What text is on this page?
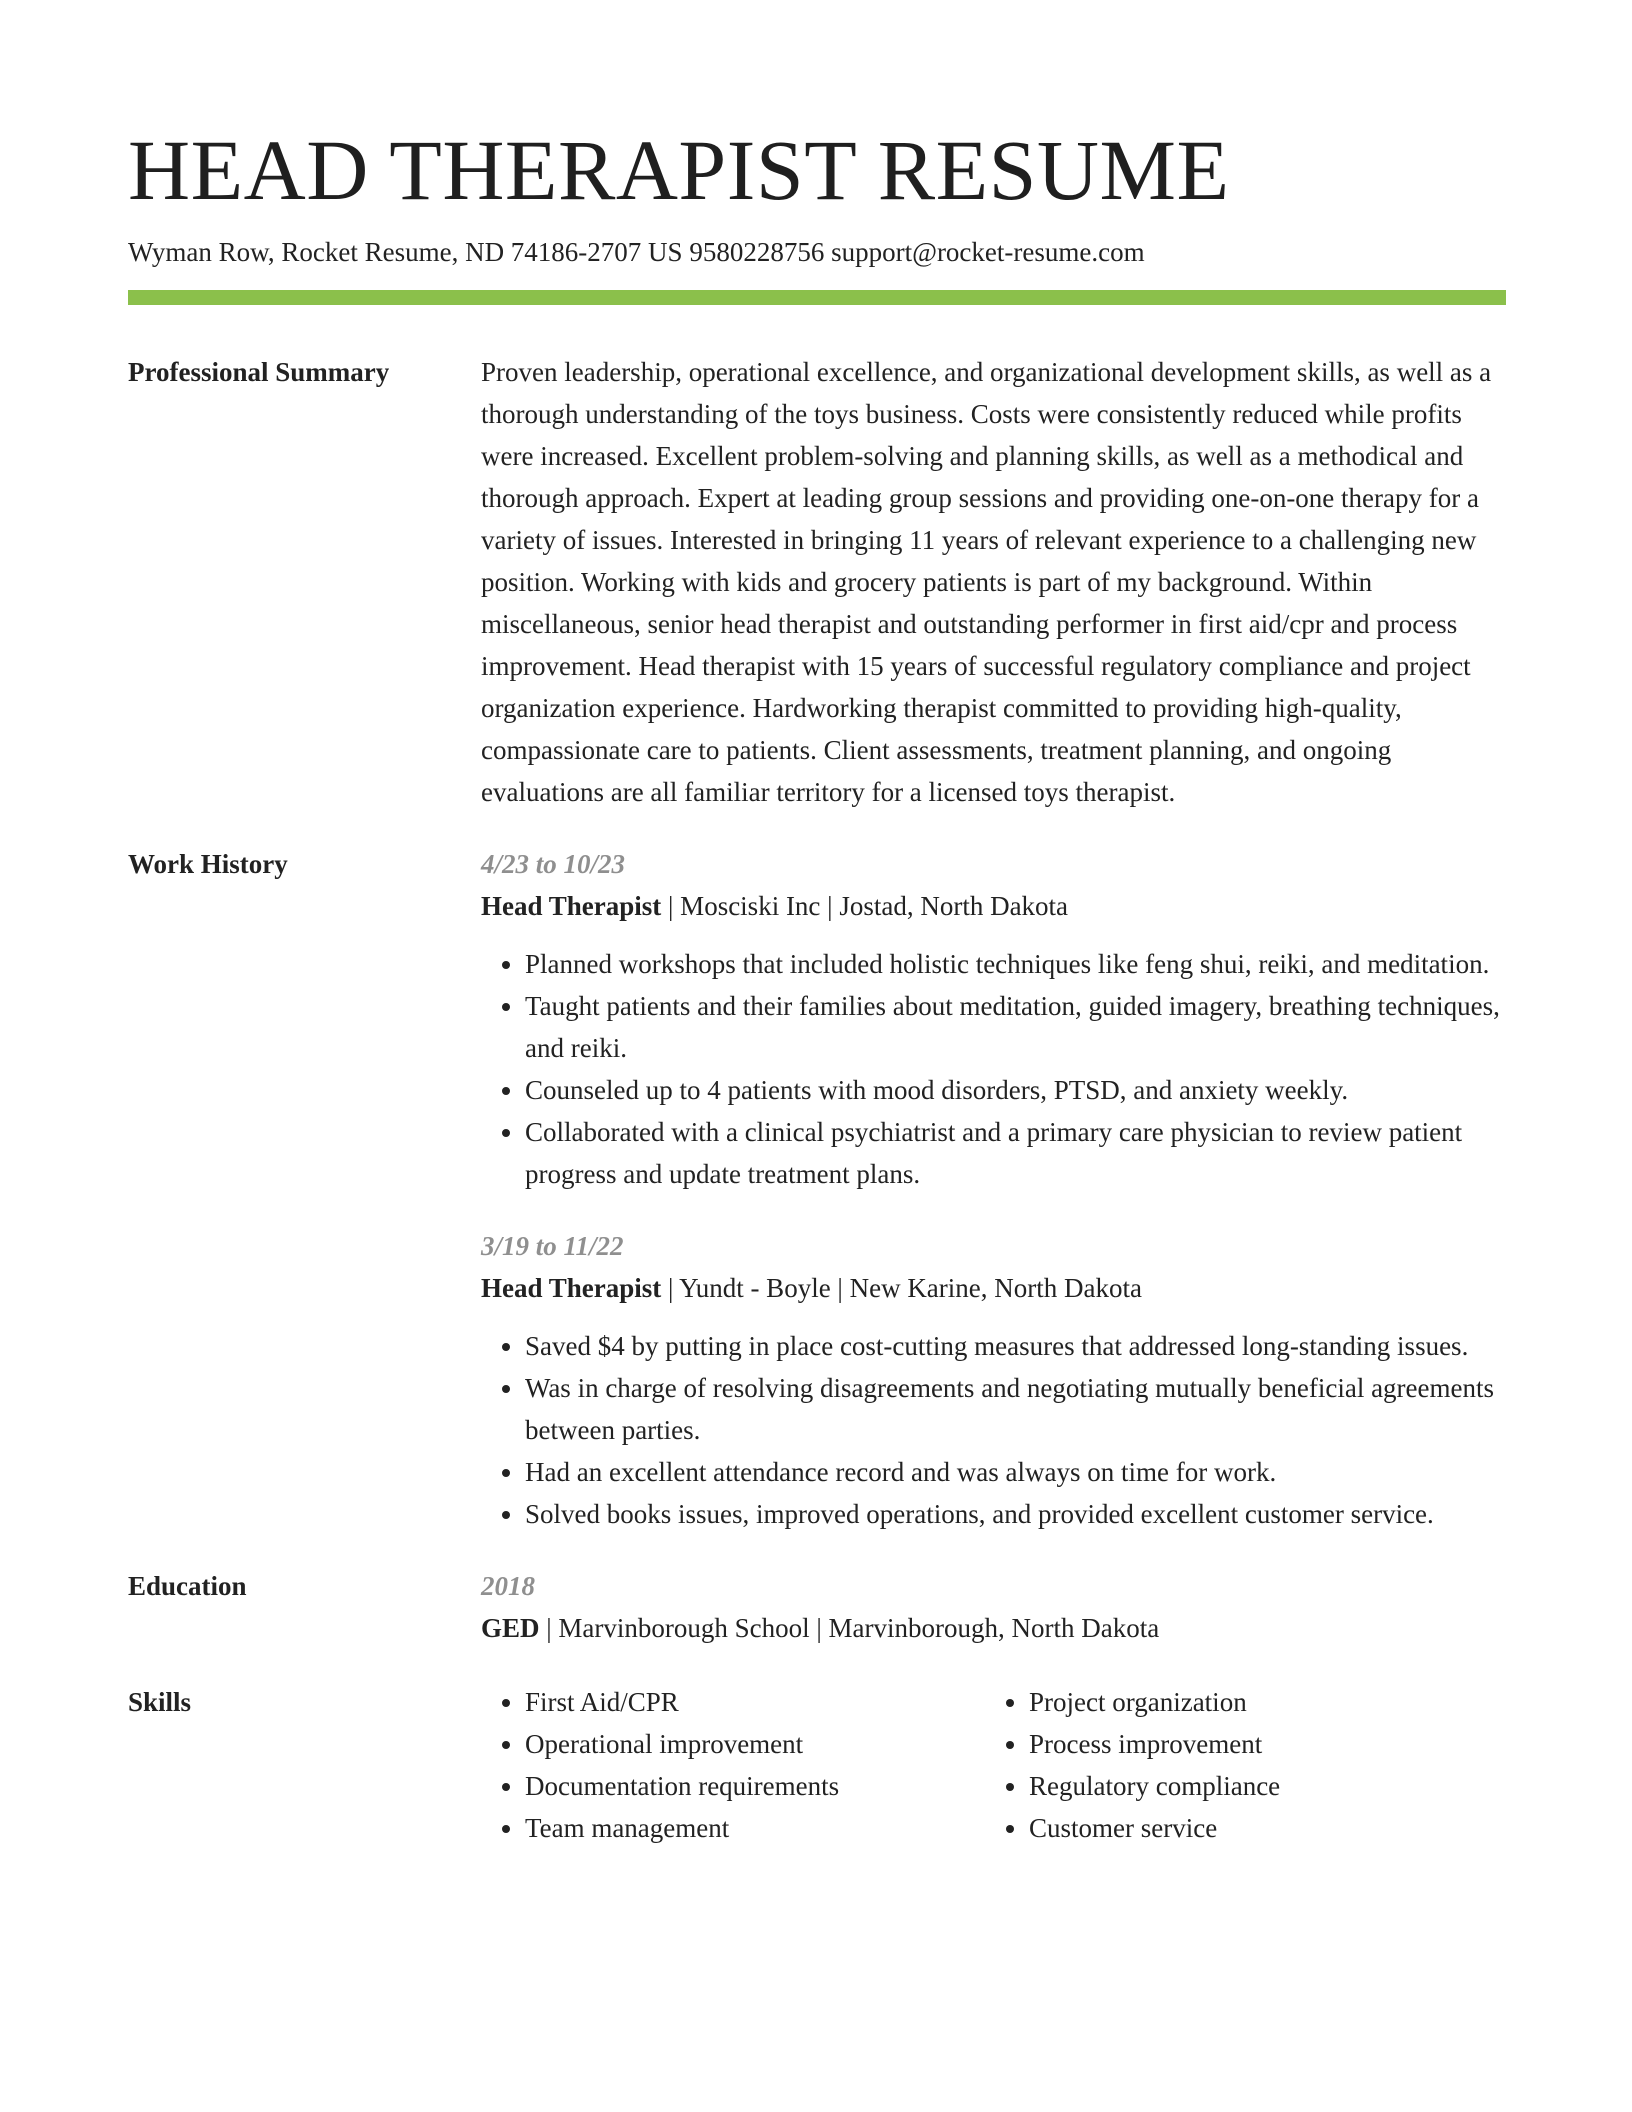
HEAD THERAPIST RESUME
Wyman Row, Rocket Resume, ND 74186-2707 US 9580228756 support@rocket-resume.com
Professional Summary	Proven leadership, operational excellence, and organizational development skills, as well as a thorough understanding of the toys business. Costs were consistently reduced while profits were increased. Excellent problem-solving and planning skills, as well as a methodical and thorough approach. Expert at leading group sessions and providing one-on-one therapy for a variety of issues. Interested in bringing 11 years of relevant experience to a challenging new position. Working with kids and grocery patients is part of my background. Within miscellaneous, senior head therapist and outstanding performer in first aid/cpr and process improvement. Head therapist with 15 years of successful regulatory compliance and project organization experience. Hardworking therapist committed to providing high-quality, compassionate care to patients. Client assessments, treatment planning, and ongoing evaluations are all familiar territory for a licensed toys therapist.

Work History	4/23 to 10/23
Head Therapist | Mosciski Inc | Jostad, North Dakota
• Planned workshops that included holistic techniques like feng shui, reiki, and meditation.
• Taught patients and their families about meditation, guided imagery, breathing techniques, and reiki.
• Counseled up to 4 patients with mood disorders, PTSD, and anxiety weekly.
• Collaborated with a clinical psychiatrist and a primary care physician to review patient progress and update treatment plans.
3/19 to 11/22
Head Therapist | Yundt - Boyle | New Karine, North Dakota
• Saved $4 by putting in place cost-cutting measures that addressed long-standing issues.
• Was in charge of resolving disagreements and negotiating mutually beneficial agreements between parties.
• Had an excellent attendance record and was always on time for work.
• Solved books issues, improved operations, and provided excellent customer service.
Education	2018
GED | Marvinborough School | Marvinborough, North Dakota
Skills
•	First Aid/CPR
• Operational improvement
• Documentation requirements
• Team management
• Project organization
• Process improvement
• Regulatory compliance
• Customer service
